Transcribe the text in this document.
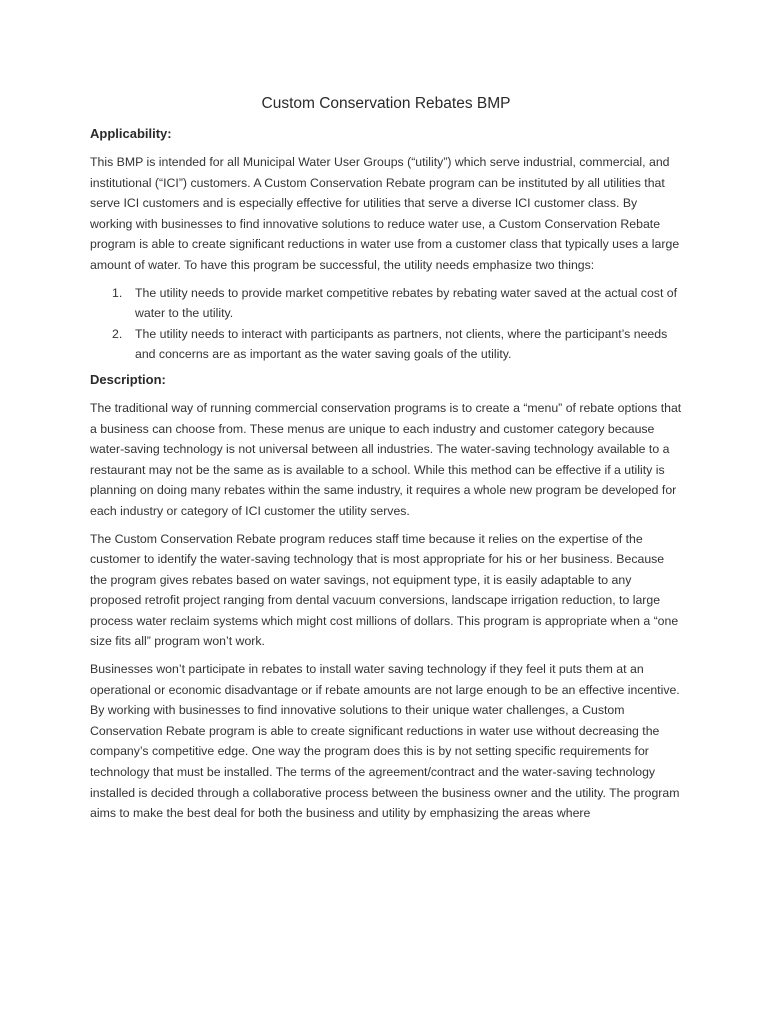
Custom Conservation Rebates BMP
Applicability:

This BMP is intended for all Municipal Water User Groups (“utility”) which serve industrial, commercial, and institutional (“ICI”) customers. A Custom Conservation Rebate program can be instituted by all utilities that serve ICI customers and is especially effective for utilities that serve a diverse ICI customer class. By working with businesses to find innovative solutions to reduce water use, a Custom Conservation Rebate program is able to create significant reductions in water use from a customer class that typically uses a large amount of water. To have this program be successful, the utility needs emphasize two things:

1. The utility needs to provide market competitive rebates by rebating water saved at the actual cost of water to the utility.
2. The utility needs to interact with participants as partners, not clients, where the participant’s needs and concerns are as important as the water saving goals of the utility.
Description:

The traditional way of running commercial conservation programs is to create a “menu” of rebate options that a business can choose from. These menus are unique to each industry and customer category because water-saving technology is not universal between all industries. The water-saving technology available to a restaurant may not be the same as is available to a school. While this method can be effective if a utility is planning on doing many rebates within the same industry, it requires a whole new program be developed for each industry or category of ICI customer the utility serves.

The Custom Conservation Rebate program reduces staff time because it relies on the expertise of the customer to identify the water-saving technology that is most appropriate for his or her business. Because the program gives rebates based on water savings, not equipment type, it is easily adaptable to any proposed retrofit project ranging from dental vacuum conversions, landscape irrigation reduction, to large process water reclaim systems which might cost millions of dollars. This program is appropriate when a “one size fits all” program won’t work.

Businesses won’t participate in rebates to install water saving technology if they feel it puts them at an operational or economic disadvantage or if rebate amounts are not large enough to be an effective incentive. By working with businesses to find innovative solutions to their unique water challenges, a Custom Conservation Rebate program is able to create significant reductions in water use without decreasing the company’s competitive edge. One way the program does this is by not setting specific requirements for technology that must be installed. The terms of the agreement/contract and the water-saving technology installed is decided through a collaborative process between the business owner and the utility. The program aims to make the best deal for both the business and utility by emphasizing the areas where
